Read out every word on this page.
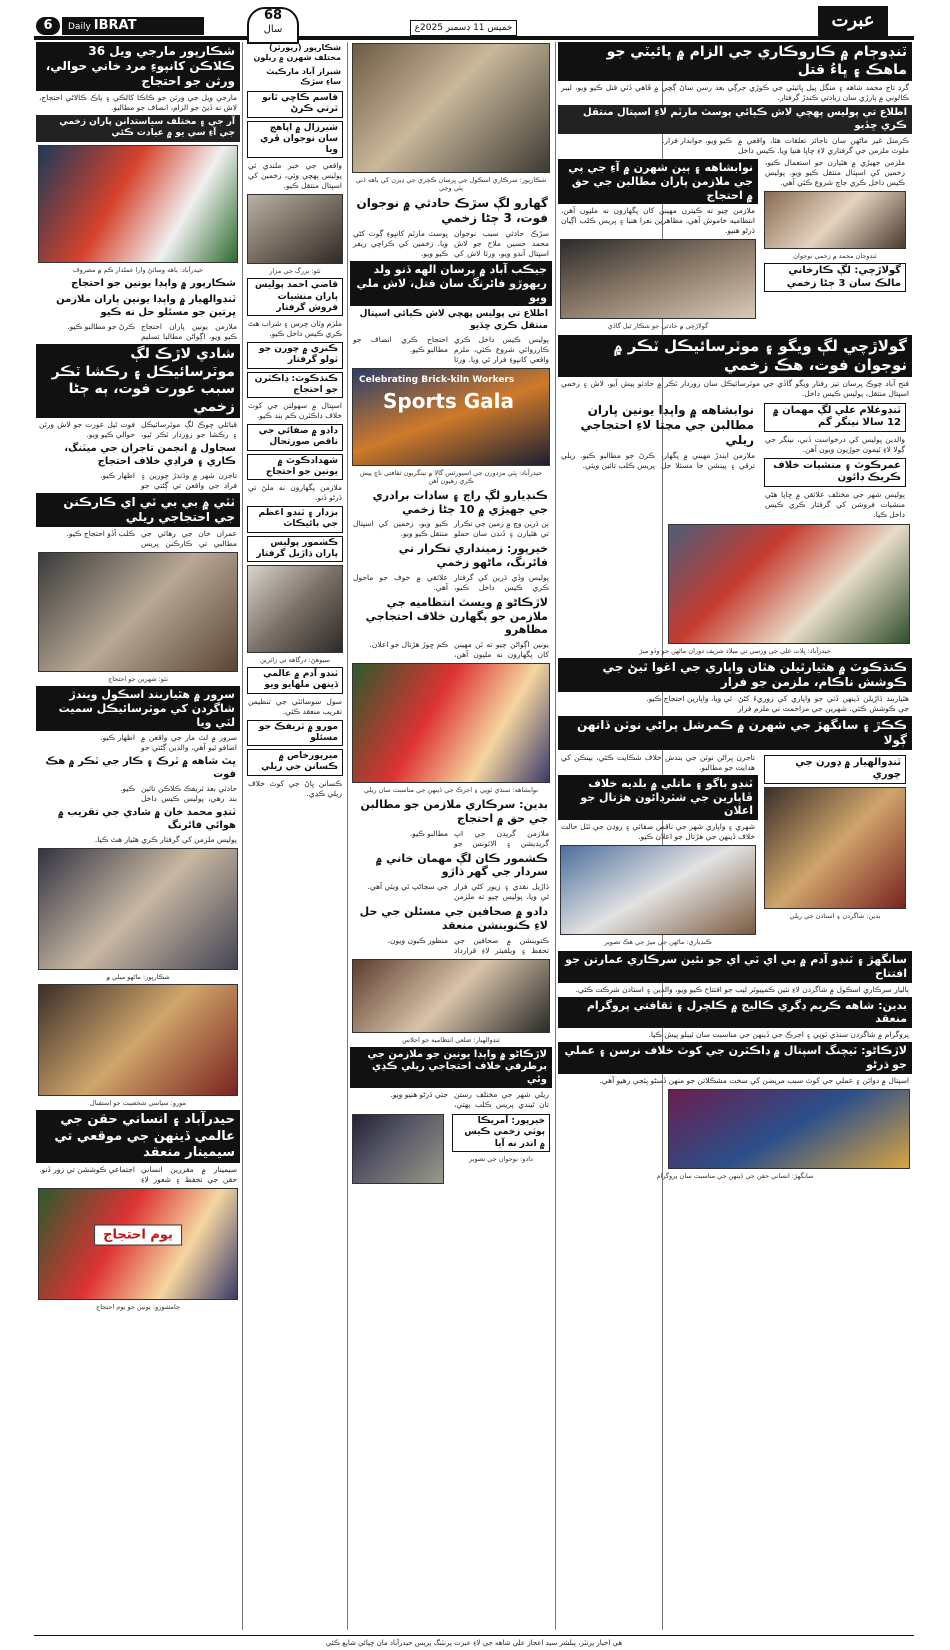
6	Daily IBRAT
68
سال	خميس 11 ڊسمبر 2025ع	عبرت
ٽنڊوڄام ۾ ڪاروڪاري جي الزام ۾ ڀائيٽي جو ماهڪ ۽ ڀاءُ قتل
گرڊ تاج محمد شاهه ۽ منگل پيل ڀائيٽي جي ڪوڙي جرڳي بعد رسن ساڻ ڳچي ۾ ڦاهي ڏئي قتل ڪيو ويو، ليبر ڪالوني ۾ ٻارڙي سان زيادتي ڪندڙ گرفتار.
اطلاع تي پوليس پهچي لاش ڪٻائي پوسٽ مارٽم لاءِ اسپتال منتقل ڪري ڇڏيو
ڪرمنل غير ماڻهن سان ناجائز تعلقات هئا، واقعي ۾ ملوث ملزمن جي گرفتاري لاءِ ڇاپا هنيا ويا. ڪيس داخل ڪيو ويو، جوابدار فرار.
نوابشاهه ۽ ٻين شهرن ۾ آءِ جي پي جي ملازمن پاران مطالبن جي حق ۾ احتجاج
ملازمن چيو ته ڪيترن مهينن کان پگهارون نه مليون آهن، انتظاميه خاموش آهي. مظاهرين نعرا هنيا ۽ پريس ڪلب اڳيان ڌرڻو هنيو.
گولاڙچي ۾ حادثي جو شڪار ٿيل گاڏي
ملزمن جهيڙي ۾ هٿيارن جو استعمال ڪيو، زخمين کي اسپتال منتقل ڪيو ويو. پوليس ڪيس داخل ڪري جاچ شروع ڪئي آهي.
ٽنڊوجان محمد ۾ زخمي نوجوان
گولاڙچي: لڳ ڪارخاني مالڪ سان 3 ڄڻا زخمي
گولاڙچي لڳ ويگو ۽ موٽرسائيڪل ٽڪر ۾ نوجوان فوت، هڪ زخمي
فتح آباد چوڪ پرسان تيز رفتار ويگو گاڏي جي موٽرسائيڪل سان زوردار ٽڪر ۾ حادثو پيش آيو، لاش ۽ زخمي اسپتال منتقل، پوليس ڪيس داخل.
نوابشاهه ۾ واپڊا يونين پاران مطالبن جي مڃتا لاءِ احتجاجي ريلي
ملازمن ايندڙ مهيني ۾ پگهار، ترقي ۽ پينشن جا مسئلا حل ڪرڻ جو مطالبو ڪيو. ريلي پريس ڪلب تائين ويئي.
ٽنڊوغلام علي لڳ مهمان ۾ 12 سالا نينگر گم
والدين پوليس کي درخواست ڏني، نينگر جي ڳولا لاءِ ٽيمون جوڙيون ويون آهن.
عمرڪوٽ ۽ منشيات خلاف ڪريڪ ڊائون
پوليس شهر جي مختلف علائقن ۾ ڇاپا هڻي منشيات فروشن کي گرفتار ڪري ڪيس داخل ڪيا.
حيدرآباد: ڀلاٽ علي جي ورسي تي ميلاد شريف دوران ماڻهن جو وڏو ميڙ
ڪنڌڪوٽ ۾ هٿيارٿيلن هٿان واپاري جي اغوا ٿيڻ جي ڪوشش ناڪام، ملزمن جو فرار
هٿياربند ڌاڙيلن ڏينهن ڏٺي جو واپاري کي زوريءَ کڻڻ جي ڪوشش ڪئي. شهرين جي مزاحمت تي ملزم فرار ٿي ويا، واپارين احتجاج ڪيو.
ڪڪڙ ۽ سانگهڙ جي شهرن ۾ ڪمرشل پراڻي نوٽن ڏانهن ڳولا
تاجرن پراڻن نوٽن جي بندش خلاف شڪايت ڪئي، بينڪن کي هدايت جو مطالبو.
ٽنڊو باگو ۽ ماتلي ۾ بلديه خلاف ڦاپارين جي شٽرڊائون هڙتال جو اعلان
شهري ۽ واپاري شهر جي ناقص صفائي ۽ روڊن جي ٽٽل حالت خلاف ڏينهن جي هڙتال جو اعلان ڪيو.
ڪنڊياري: ماڻهن جي ميڙ جي هڪ تصوير
ٽنڊوالهيار ۾ ڍورن جي چوري
بدين: شاگردن ۽ استادن جي ريلي
سانگھڙ ۽ ٽنڊو آدم ۾ بي اي ٽي اي جو نئين سرڪاري عمارتن جو افتتاح
ٻاليار سرڪاري اسڪول ۾ شاگردن لاءِ نئين ڪمپيوٽر ليب جو افتتاح ڪيو ويو، والدين ۽ استادن شرڪت ڪئي.
بدين: شاهه ڪريم ڊگري ڪاليج ۾ ڪلچرل ۽ ثقافتي پروگرام منعقد
پروگرام ۾ شاگردن سنڌي ٽوپي ۽ اجرڪ جي ڏينهن جي مناسبت سان ٽيبلو پيش ڪيا.
لاڙڪاڻو: ٽيچنگ اسپتال ۾ ڊاڪٽرن جي کوٽ خلاف نرسن ۽ عملي جو ڌرڻو
اسپتال ۾ دوائن ۽ عملي جي کوٽ سبب مريضن کي سخت مشڪلاتن جو منهن ڏسڻو پئجي رهيو آهي.
سانگھڙ: انساني حقن جي ڏينهن جي مناسبت سان پروگرام
شڪارپور: سرڪاري اسڪول جي ڀرسان ڪچري جي ڍيرن کي باهه ڏني پئي وڃي
گهارو لڳ سڙڪ حادثي ۾ نوجوان فوت، 3 ڄڻا زخمي
سڙڪ حادثي سبب نوجوان محمد حسين ملاح جو لاش اسپتال آندو ويو، ورثا لاش کي پوسٽ مارٽم کانپوءِ ڳوٺ کڻي ويا. زخمين کي ڪراچي ريفر ڪيو ويو.
جيڪب آباد ۾ پرسان الهه ڏنو ولد ريهوڙو فائرنگ سان قتل، لاش ملي ويو
اطلاع تي پوليس پهچي لاش ڪٻائي اسپتال منتقل ڪري ڇڏيو
پوليس ڪيس داخل ڪري ڪارروائي شروع ڪئي، ملزم واقعي کانپوءِ فرار ٿي ويا. ورثا احتجاج ڪري انصاف جو مطالبو ڪيو.
Celebrating Brick-kiln Workers
Sports Gala
حيدرآباد: ڀٽي مزدورن جي اسپورٽس گالا ۾ نينگريون ثقافتي ناچ پيش ڪري رهيون آهن
ڪنڊيارو لڳ راڄ ۽ سادات برادري جي جهيڙي ۾ 10 ڄڻا زخمي
ٻن ڌرين وچ ۾ زمين جي تڪرار تي هٿيارن ۽ ڏنڊن سان حملو ڪيو ويو، زخمين کي اسپتال منتقل ڪيو ويو.
خيرپور: زمينداري تڪرار تي فائرنگ، ماڻهو زخمي
پوليس وڏي ڌرين کي گرفتار ڪري ڪيس داخل ڪيو، علائقي ۾ خوف جو ماحول آهي.
لاڙڪاڻو ۾ ويسٽ انتظاميه جي ملازمن جو پگهارن خلاف احتجاجي مظاهرو
يونين اڳواڻن چيو ته ٽن مهينن کان پگهارون نه مليون آهن، ڪم ڇوڙ هڙتال جو اعلان.
نوابشاهه: سنڌي ٽوپي ۽ اجرڪ جي ڏينهن جي مناسبت سان ريلي
بدين: سرڪاري ملازمن جو مطالبن جي حق ۾ احتجاج
ملازمن گريڊن جي اپ گريڊيشن ۽ الائونس جو مطالبو ڪيو.
ڪشمور ڪان لڳ مهمان خاني ۾ سردار جي گهر ڌاڙو
ڌاڙيل نقدي ۽ زيور کڻي فرار ٿي ويا، پوليس چيو ته ملزمن جي سڃاڻپ ٿي ويئي آهي.
دادو ۾ صحافين جي مسئلن جي حل لاءِ ڪنوينشن منعقد
ڪنوينشن ۾ صحافين جي تحفظ ۽ ويلفيئر لاءِ قرارداد منظور ڪيون ويون.
ٽنڊوالهيار: ضلعي انتظاميه جو اجلاس
لاڙڪاڻو ۾ واپڊا يونين جو ملازمن جي برطرفي خلاف احتجاجي ريلي ڪڍي وئي
ريلي شهر جي مختلف رستن تان ٿيندي پريس ڪلب پهتي، جتي ڌرڻو هنيو ويو.
خيرپور: آمريڪا ٻوٽي زخمي ڪيس ۾ اندر نه آيا
دادو: نوجوان جي تصوير
شڪارپور (رپورٽر) مختلف شهرن ۾ ريلون
شيراز آباد مارڪيٽ ساءِ سڙڪ
قاسم ڪاڇي ٿانو ٿرتي ڪرڻ
شيرزال ۾ اپاهڄ سان نوجوان ڦري ويا
واقعي جي خبر ملندي ئي پوليس پهچي وئي، زخمين کي اسپتال منتقل ڪيو.
ٺٽو: بزرگ جي مزار
قاضي احمد پوليس پاران منشيات فروش گرفتار
ملزم وٽان چرس ۽ شراب هٿ ڪري ڪيس داخل ڪيو.
ڪنري ۾ چورن جو ٽولو گرفتار
ڪنڌڪوٽ: ڊاڪٽرن جو احتجاج
اسپتال ۾ سهولتن جي کوٽ خلاف ڊاڪٽرن ڪم بند ڪيو.
دادو ۾ صفائي جي ناقص صورتحال
شهدادڪوٽ ۾ يونين جو احتجاج
ملازمن پگهارون نه ملڻ تي ڌرڻو ڏنو.
بزدار ۽ ٽنڊو اعظم جي بائيڪاٽ
ڪشمور پوليس پاران ڌاڙيل گرفتار
سيوهڻ: درگاهه تي زائرين
ٽنڊو آدم ۾ عالمي ڏينهن ملهايو ويو
سول سوسائٽي جي تنظيمن تقريب منعقد ڪئي.
مورو ۾ ٽريفڪ جو مسئلو
ميرپورخاص ۾ ڪسانن جي ريلي
ڪسانن ڀاڻ جي کوٽ خلاف ريلي ڪڍي.
شڪارپور مارجي ويل 36 ڪلاڪن کانپوءِ مرد خاني حوالي، ورثن جو احتجاج
مارجي ويل جي ورثن جو ڪاڪا کالڪي ۽ پاڪ ڪالاڻي احتجاج، لاش نه ڏيڻ جو الزام، انصاف جو مطالبو.
آر جي ۽ مختلف سياستدانن پاران زخمي جي آءِ سي يو ۾ عيادت ڪئي
حيدرآباد: باهه وسائڻ وارا عملدار ڪم ۾ مصروف
شڪارپور ۾ واپڊا يونين جو احتجاج
ٽنڊوالهيار ۾ واپڊا يونين پاران ملازمن ڀرتين جو مسئلو حل نه ڪيو
ملازمن يونين پاران احتجاج ڪيو ويو، اڳواڻن مطالبا تسليم ڪرڻ جو مطالبو ڪيو.
شادي لاڙڪ لڳ موٽرسائيڪل ۽ رڪشا ٽڪر سبب عورت فوت، ٻه ڄڻا زخمي
قبائلي چوڪ لڳ موٽرسائيڪل ۽ رڪشا جو زوردار ٽڪر ٿيو، فوت ٿيل عورت جو لاش ورثن حوالي ڪيو ويو.
سجاول ۾ انجمن تاجران جي ميٽنگ، ڪاري ۽ فراڊي خلاف احتجاج
تاجرن شهر ۾ وڌندڙ چورين ۽ فراڊ جي واقعن تي ڳڻتي جو اظهار ڪيو.
ٺٽي ۾ بي بي ٽي اي ڪارڪنن جي احتجاجي ريلي
عمران خان جي رهائي جي مطالبي تي ڪارڪنن پريس ڪلب آڏو احتجاج ڪيو.
ٺٽو: شهرين جو احتجاج
سرور ۾ هٿياربند اسڪول ويندڙ شاگردن کي موٽرسائيڪل سميت لٽي ويا
سرور ۾ لٽ مار جي واقعن ۾ اضافو ٿيو آهي، والدين ڳڻتي جو اظهار ڪيو.
ڀٽ شاهه ۾ ٽرڪ ۽ ڪار جي ٽڪر ۾ هڪ فوت
حادثي بعد ٽريفڪ ڪلاڪن تائين بند رهي، پوليس ڪيس داخل ڪيو.
ٽنڊو محمد خان ۾ شادي جي تقريب ۾ هوائي فائرنگ
پوليس ملزمن کي گرفتار ڪري هٿيار هٿ ڪيا.
شڪارپور: ماڻهو ميلي ۾
مورو: سياسي شخصيت جو استقبال
حيدرآباد ۽ انساني حقن جي عالمي ڏينهن جي موقعي تي سيمينار منعقد
سيمينار ۾ مقررين انساني حقن جي تحفظ ۽ شعور لاءِ اجتماعي ڪوششن تي زور ڏنو.
يوم احتجاج
ڄامشورو: يونين جو يوم احتجاج
هي اخبار پرنٽر، پبلشر سيد اعجاز علي شاهه جي لاءِ عبرت پرنٽنگ پريس حيدرآباد مان ڇپائي شايع ڪئي
